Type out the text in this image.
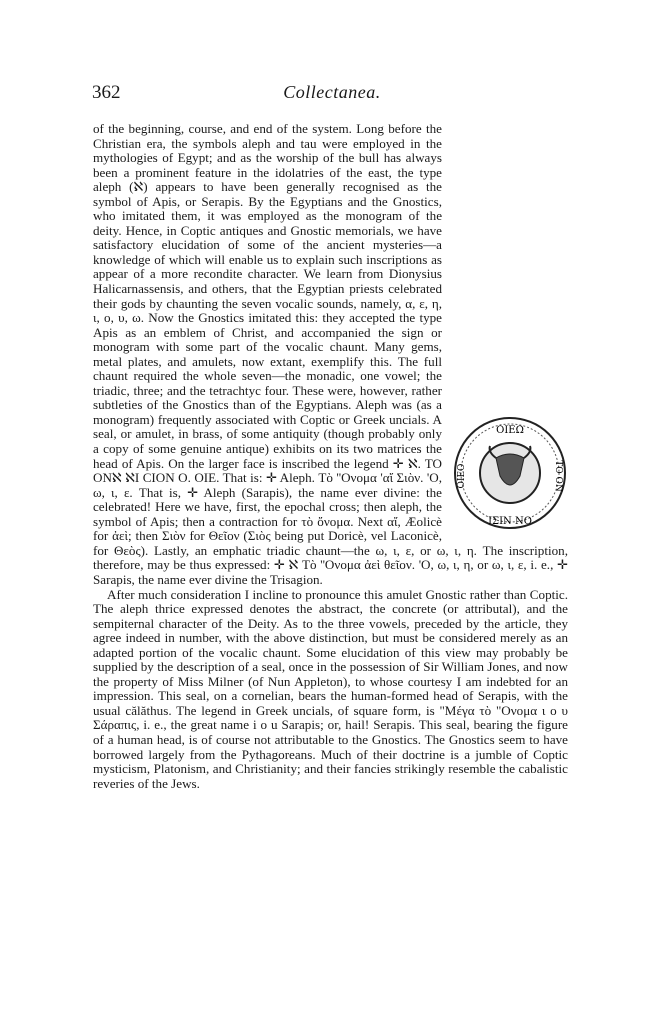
362	Collectanea.
ΟΙΕΩ
ΙΣΙΝ ΝΟ
ΤΟ ΟΝ
ΟΙΕΟ

of the beginning, course, and end of the system. Long before the Christian era, the symbols aleph and tau were employed in the mythologies of Egypt; and as the worship of the bull has always been a prominent feature in the idolatries of the east, the type aleph (ℵ) appears to have been generally recognised as the symbol of Apis, or Serapis. By the Egyptians and the Gnostics, who imitated them, it was employed as the monogram of the deity. Hence, in Coptic antiques and Gnostic memorials, we have satisfactory elucidation of some of the ancient mysteries—a knowledge of which will enable us to explain such inscriptions as appear of a more recondite character. We learn from Dionysius Halicarnassensis, and others, that the Egyptian priests celebrated their gods by chaunting the seven vocalic sounds, namely, α, ε, η, ι, ο, υ, ω. Now the Gnostics imitated this: they accepted the type Apis as an emblem of Christ, and accompanied the sign or monogram with some part of the vocalic chaunt. Many gems, metal plates, and amulets, now extant, exemplify this. The full chaunt required the whole seven—the monadic, one vowel; the triadic, three; and the tetrachtyc four. These were, however, rather subtleties of the Gnostics than of the Egyptians. Aleph was (as a monogram) frequently associated with Coptic or Greek uncials. A seal, or amulet, in brass, of some antiquity (though probably only a copy of some genuine antique) exhibits on its two matrices the head of Apis. On the larger face is inscribed the legend ✛ ℵ. TO ONℵ ℵI CION O. OIE. That is: ✛ Aleph. Τὸ ''Ονομα 'αἴ Σιὸν. 'Ο, ω, ι, ε. That is, ✛ Aleph (Sarapis), the name ever divine: the celebrated! Here we have, first, the epochal cross; then aleph, the symbol of Apis; then a contraction for τὸ ὄνομα. Next αἴ, Æolicè for ἀεὶ; then Σιὸν for Θεῖον (Σιὸς being put Doricè, vel Laconicè, for Θεὸς). Lastly, an emphatic triadic chaunt—the ω, ι, ε, or ω, ι, η. The inscription, therefore, may be thus expressed: ✛ ℵ Τὸ ''Ονομα ἀεὶ θεῖον. 'Ο, ω, ι, η, or ω, ι, ε, i. e., ✛ Sarapis, the name ever divine the Trisagion.

After much consideration I incline to pronounce this amulet Gnostic rather than Coptic. The aleph thrice expressed denotes the abstract, the concrete (or attributal), and the sempiternal character of the Deity. As to the three vowels, preceded by the article, they agree indeed in number, with the above distinction, but must be considered merely as an adapted portion of the vocalic chaunt. Some elucidation of this view may probably be supplied by the description of a seal, once in the possession of Sir William Jones, and now the property of Miss Milner (of Nun Appleton), to whose courtesy I am indebted for an impression. This seal, on a cornelian, bears the human-formed head of Serapis, with the usual călăthus. The legend in Greek uncials, of square form, is "Μέγα τὸ "Ονομα ι ο υ Σάραπις, i. e., the great name i o u Sarapis; or, hail! Serapis. This seal, bearing the figure of a human head, is of course not attributable to the Gnostics. The Gnostics seem to have borrowed largely from the Pythagoreans. Much of their doctrine is a jumble of Coptic mysticism, Platonism, and Christianity; and their fancies strikingly resemble the cabalistic reveries of the Jews.
